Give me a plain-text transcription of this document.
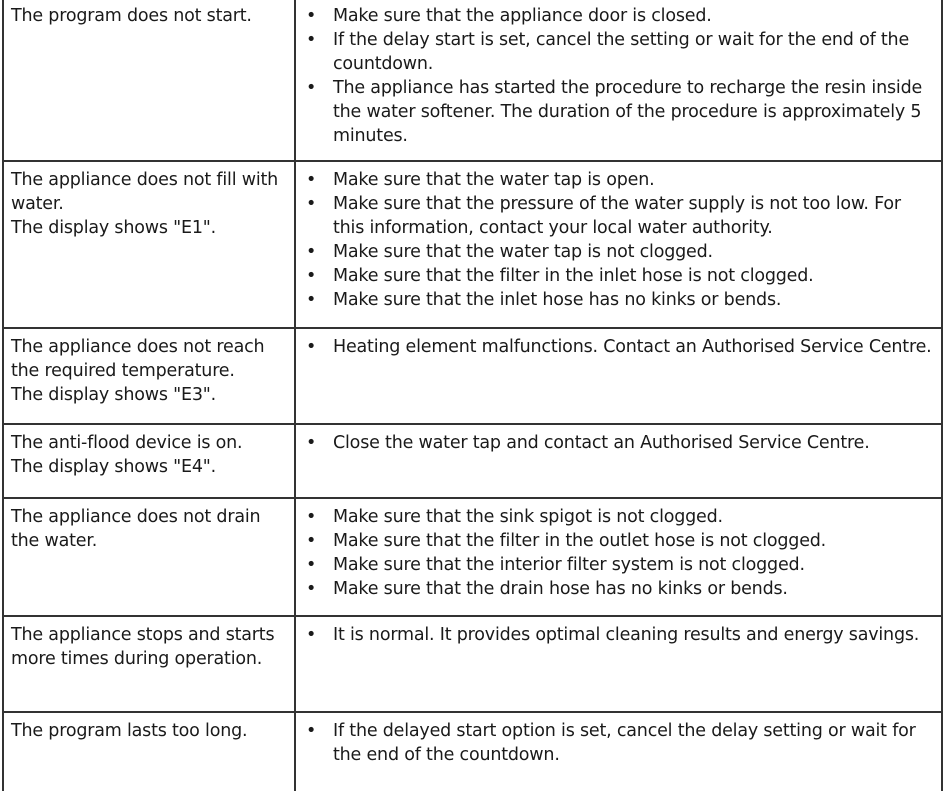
The program does not start.	• Make sure that the appliance door is closed.
• If the delay start is set, cancel the setting or wait for the end of the countdown.
• The appliance has started the procedure to recharge the resin inside the water softener. The duration of the procedure is approximately 5 minutes.
The appliance does not fill with water.
The display shows "E1".
• Make sure that the water tap is open.
• Make sure that the pressure of the water supply is not too low. For this information, contact your local water authority.
• Make sure that the water tap is not clogged.
• Make sure that the filter in the inlet hose is not clogged.
• Make sure that the inlet hose has no kinks or bends.
The appliance does not reach the required temperature.
The display shows "E3".
• Heating element malfunctions. Contact an Authorised Service Centre.
The anti-flood device is on.
The display shows "E4".
• Close the water tap and contact an Authorised Service Centre.
The appliance does not drain the water.
• Make sure that the sink spigot is not clogged.
• Make sure that the filter in the outlet hose is not clogged.
• Make sure that the interior filter system is not clogged.
• Make sure that the drain hose has no kinks or bends.
The appliance stops and starts more times during operation.
• It is normal. It provides optimal cleaning results and energy savings.
The program lasts too long.	• If the delayed start option is set, cancel the delay setting or wait for the end of the countdown.
